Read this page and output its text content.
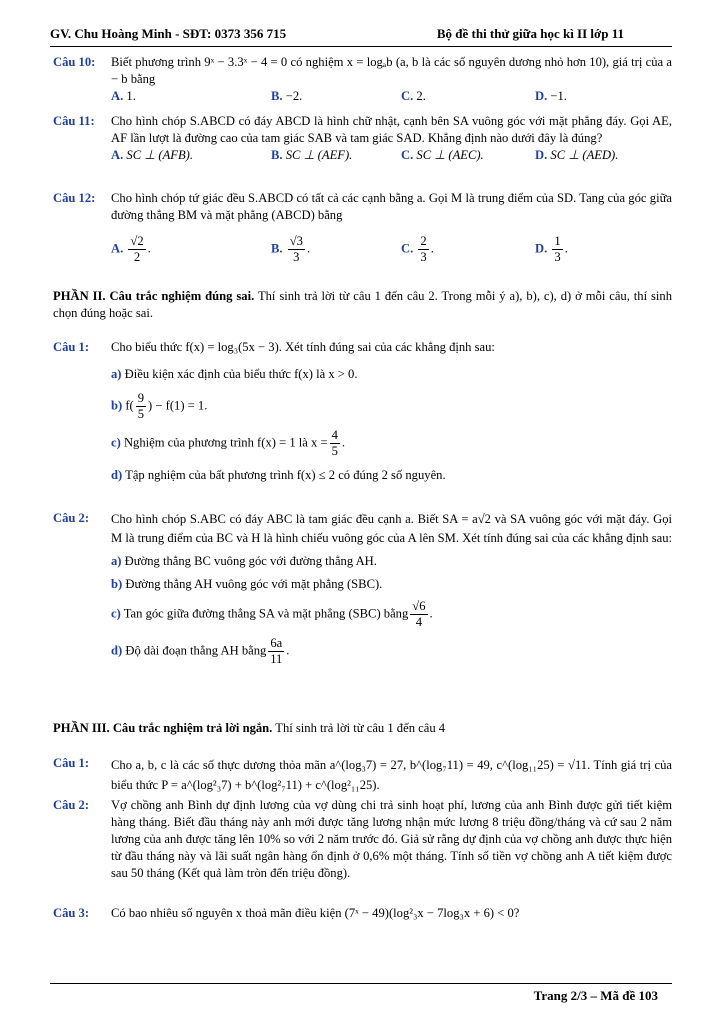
GV. Chu Hoàng Minh - SĐT: 0373 356 715	Bộ đề thi thử giữa học kì II lớp 11
Câu 10: Biết phương trình 9ˣ − 3.3ˣ − 4 = 0 có nghiệm x = logₐb (a, b là các số nguyên dương nhỏ hơn 10), giá trị của a − b bằng
A. 1.	B. −2.	C. 2.	D. −1.
Câu 11: Cho hình chóp S.ABCD có đáy ABCD là hình chữ nhật, cạnh bên SA vuông góc với mặt phẳng đáy. Gọi AE, AF lần lượt là đường cao của tam giác SAB và tam giác SAD. Khẳng định nào dưới đây là đúng?
A. SC ⊥ (AFB).	B. SC ⊥ (AEF).	C. SC ⊥ (AEC).	D. SC ⊥ (AED).
Câu 12: Cho hình chóp tứ giác đều S.ABCD có tất cả các cạnh bằng a. Gọi M là trung điểm của SD. Tang của góc giữa đường thẳng BM và mặt phẳng (ABCD) bằng
A. $\frac{√2}{2}$ .	B. $\frac{√3}{3}$ .	C. $\frac{2}{3}$ .	D. $\frac{1}{3}$ .
PHẦN II. Câu trắc nghiệm đúng sai. Thí sinh trả lời từ câu 1 đến câu 2. Trong mỗi ý a), b), c), d) ở mỗi câu, thí sinh chọn đúng hoặc sai.
Câu 1: Cho biểu thức f(x) = log₃(5x − 3). Xét tính đúng sai của các khẳng định sau:
a) Điều kiện xác định của biểu thức f(x) là x > 0.
b) $f( \frac{9}{5}$ ) − f(1) = 1.
c) Nghiệm của phương trình f(x) = 1 là $x = \frac{4}{5}$ .
d) Tập nghiệm của bất phương trình f(x) ≤ 2 có đúng 2 số nguyên.
Câu 2: Cho hình chóp S.ABC có đáy ABC là tam giác đều cạnh a. Biết SA = a√2 và SA vuông góc với mặt đáy. Gọi M là trung điểm của BC và H là hình chiếu vuông góc của A lên SM. Xét tính đúng sai của các khẳng định sau:
a) Đường thẳng BC vuông góc với đường thẳng AH.
b) Đường thẳng AH vuông góc với mặt phẳng (SBC).
c) Tan góc giữa đường thẳng SA và mặt phẳng (SBC) bằng $\frac{√6}{4}$ .
d) Độ dài đoạn thẳng AH bằng $\frac{6a}{11}$ .
PHẦN III. Câu trắc nghiệm trả lời ngắn. Thí sinh trả lời từ câu 1 đến câu 4
Câu 1: Cho a, b, c là các số thực dương thỏa mãn a^(log₃7) = 27, b^(log₇11) = 49, c^(log₁₁25) = √11. Tính giá trị của biểu thức P = a^(log²₃7) + b^(log²₇11) + c^(log²₁₁25).
Câu 2: Vợ chồng anh Bình dự định lương của vợ dùng chi trả sinh hoạt phí, lương của anh Bình được gửi tiết kiệm hàng tháng. Biết đầu tháng này anh mới được tăng lương nhận mức lương 8 triệu đồng/tháng và cứ sau 2 năm lương của anh được tăng lên 10% so với 2 năm trước đó. Giả sử rằng dự định của vợ chồng anh được thực hiện từ đầu tháng này và lãi suất ngân hàng ổn định ở 0,6% một tháng. Tính số tiền vợ chồng anh A tiết kiệm được sau 50 tháng (Kết quả làm tròn đến triệu đồng).
Câu 3: Có bao nhiêu số nguyên x thoả mãn điều kiện (7ˣ − 49)(log²₃x − 7log₃x + 6) < 0?
Trang 2/3 – Mã đề 103
